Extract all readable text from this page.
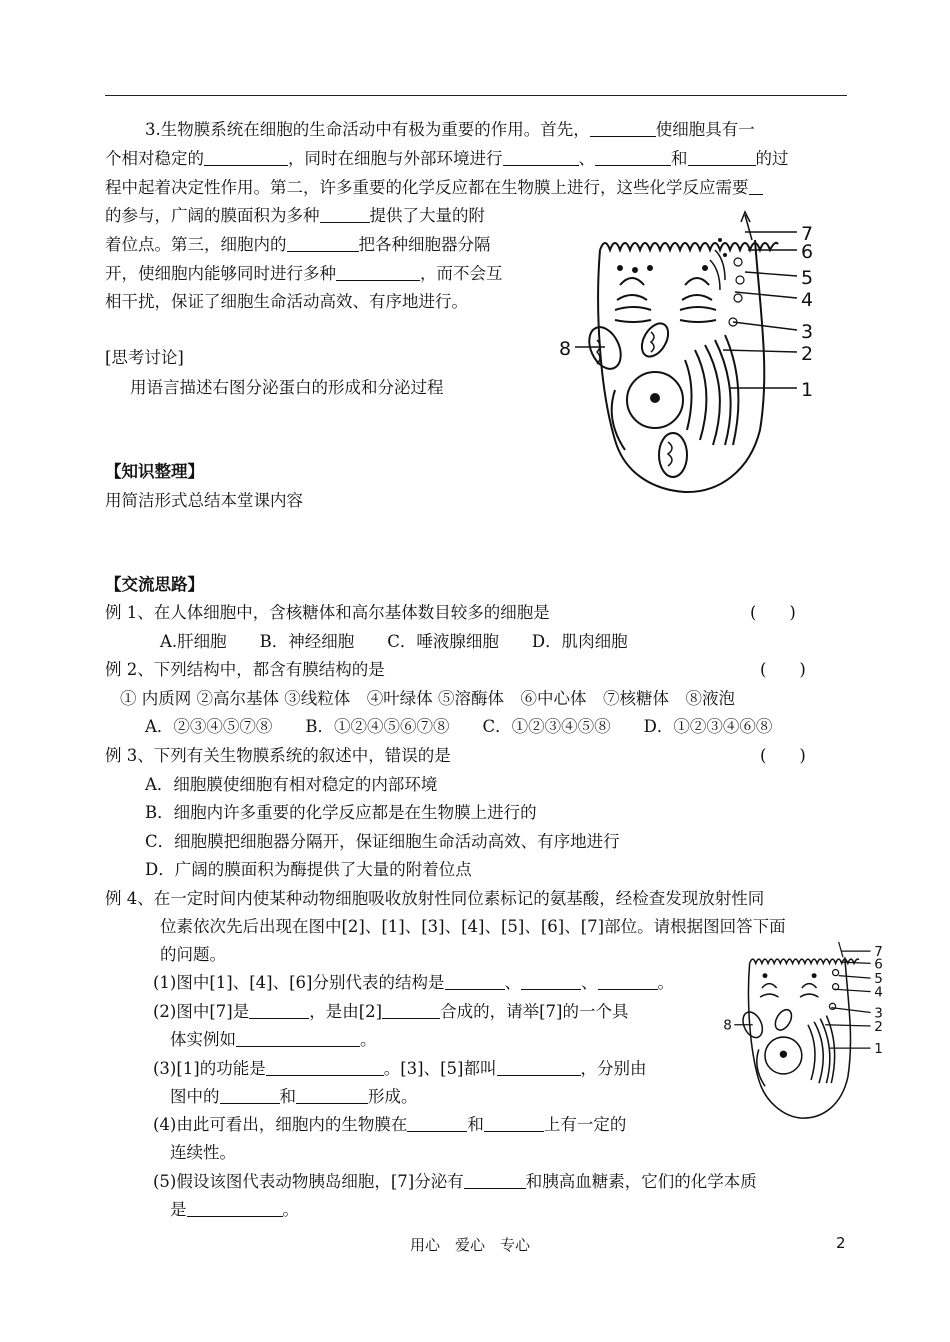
3.生物膜系统在细胞的生命活动中有极为重要的作用。首先，	使细胞具有一
个相对稳定的	，同时在细胞与外部环境进行	、	和	的过
程中起着决定性作用。第二，许多重要的化学反应都在生物膜上进行，这些化学反应需要
的参与，广阔的膜面积为多种	提供了大量的附
着位点。第三，细胞内的	把各种细胞器分隔
开，使细胞内能够同时进行多种	，而不会互
相干扰，保证了细胞生命活动高效、有序地进行。
[思考讨论]
用语言描述右图分泌蛋白的形成和分泌过程
【知识整理】
用简洁形式总结本堂课内容
【交流思路】
例 1、在人体细胞中，含核糖体和高尔基体数目较多的细胞是	(　　)
A.肝细胞　　B．神经细胞　　C．唾液腺细胞　　D．肌肉细胞
例 2、下列结构中，都含有膜结构的是	(　　)
① 内质网 ②高尔基体 ③线粒体　④叶绿体 ⑤溶酶体　⑥中心体　⑦核糖体　⑧液泡
A．②③④⑤⑦⑧　　B．①②④⑤⑥⑦⑧　　C．①②③④⑤⑧　　D．①②③④⑥⑧
例 3、下列有关生物膜系统的叙述中，错误的是	(　　)
A．细胞膜使细胞有相对稳定的内部环境
B．细胞内许多重要的化学反应都是在生物膜上进行的
C．细胞膜把细胞器分隔开，保证细胞生命活动高效、有序地进行
D．广阔的膜面积为酶提供了大量的附着位点
例 4、在一定时间内使某种动物细胞吸收放射性同位素标记的氨基酸，经检查发现放射性同
位素依次先后出现在图中[2]、[1]、[3]、[4]、[5]、[6]、[7]部位。请根据图回答下面
的问题。
(1)图中[1]、[4]、[6]分别代表的结构是	、	、	。
(2)图中[7]是	，是由[2]	合成的，请举[7]的一个具
体实例如	。
(3)[1]的功能是	。[3]、[5]都叫	，分别由
图中的	和	形成。
(4)由此可看出，细胞内的生物膜在	和	上有一定的
连续性。
(5)假设该图代表动物胰岛细胞，[7]分泌有	和胰高血糖素，它们的化学本质
是	。
7
6
5
4
3
2
1
8
7
6
5
4
3
2
1
8
用心　爱心　专心	2
